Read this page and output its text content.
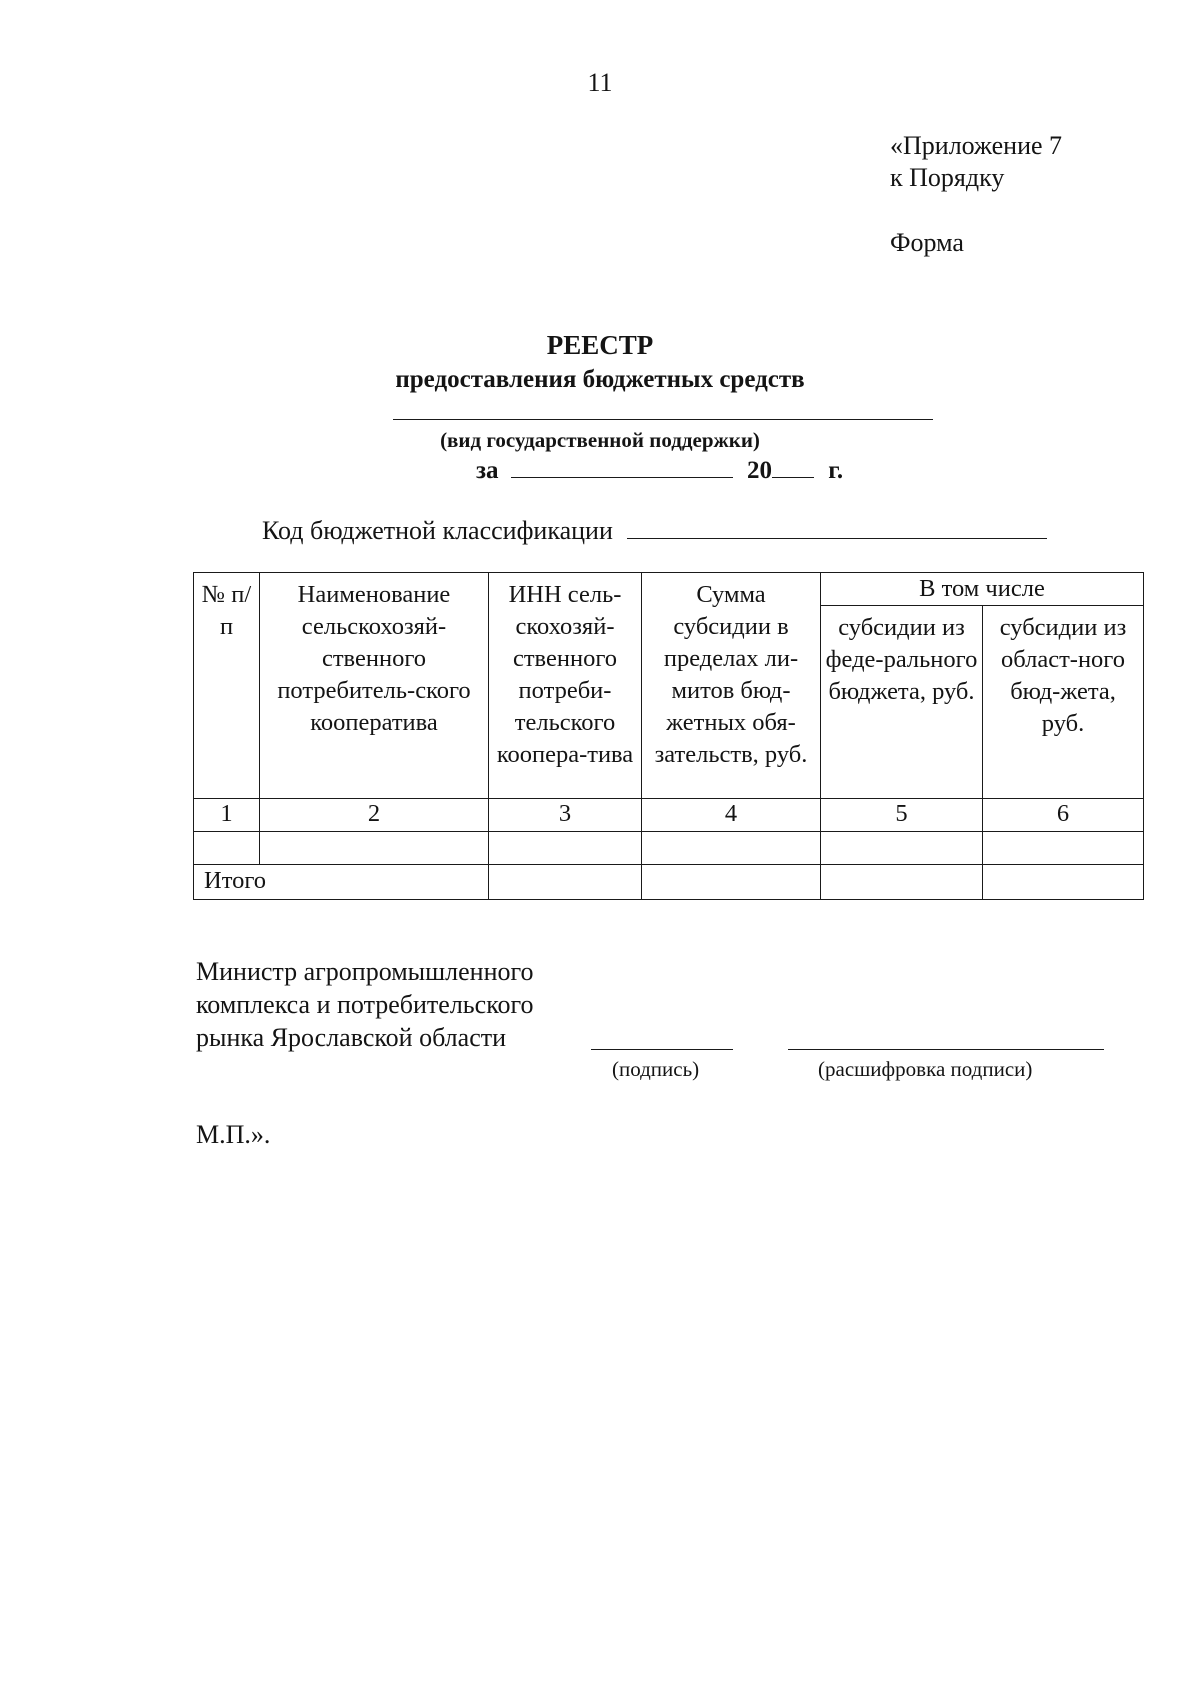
11
«Приложение 7
к Порядку
Форма
РЕЕСТР
предоставления бюджетных средств
(вид государственной поддержки)
за	20 г.
Код бюджетной классификации
№ п/п	Наименование сельскохозяй-ственного потребитель-ского кооператива	ИНН сель-скохозяй-ственного потреби-тельского коопера-тива	Сумма субсидии в пределах ли-митов бюд-жетных обя-зательств, руб.	В том числе	
				субсидии из феде-рального бюджета, руб.	субсидии из област-ного бюд-жета, руб.
1	2	3	4	5	6

Итого					
Министр агропромышленного
комплекса и потребительского
рынка Ярославской области
(подпись)	(расшифровка подписи)
М.П.».
